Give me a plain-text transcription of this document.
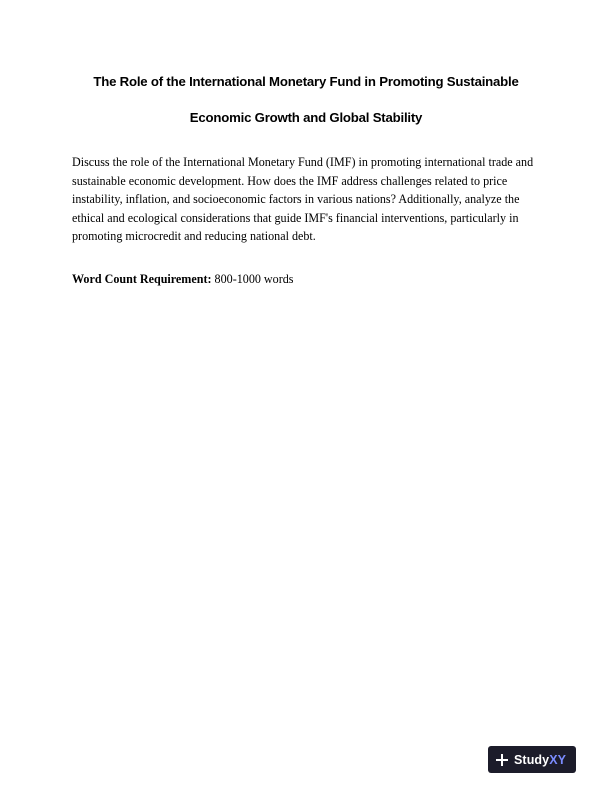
The Role of the International Monetary Fund in Promoting Sustainable
Economic Growth and Global Stability

Discuss the role of the International Monetary Fund (IMF) in promoting international trade and sustainable economic development. How does the IMF address challenges related to price instability, inflation, and socioeconomic factors in various nations? Additionally, analyze the ethical and ecological considerations that guide IMF's financial interventions, particularly in promoting microcredit and reducing national debt.

Word Count Requirement: 800-1000 words

StudyXY
